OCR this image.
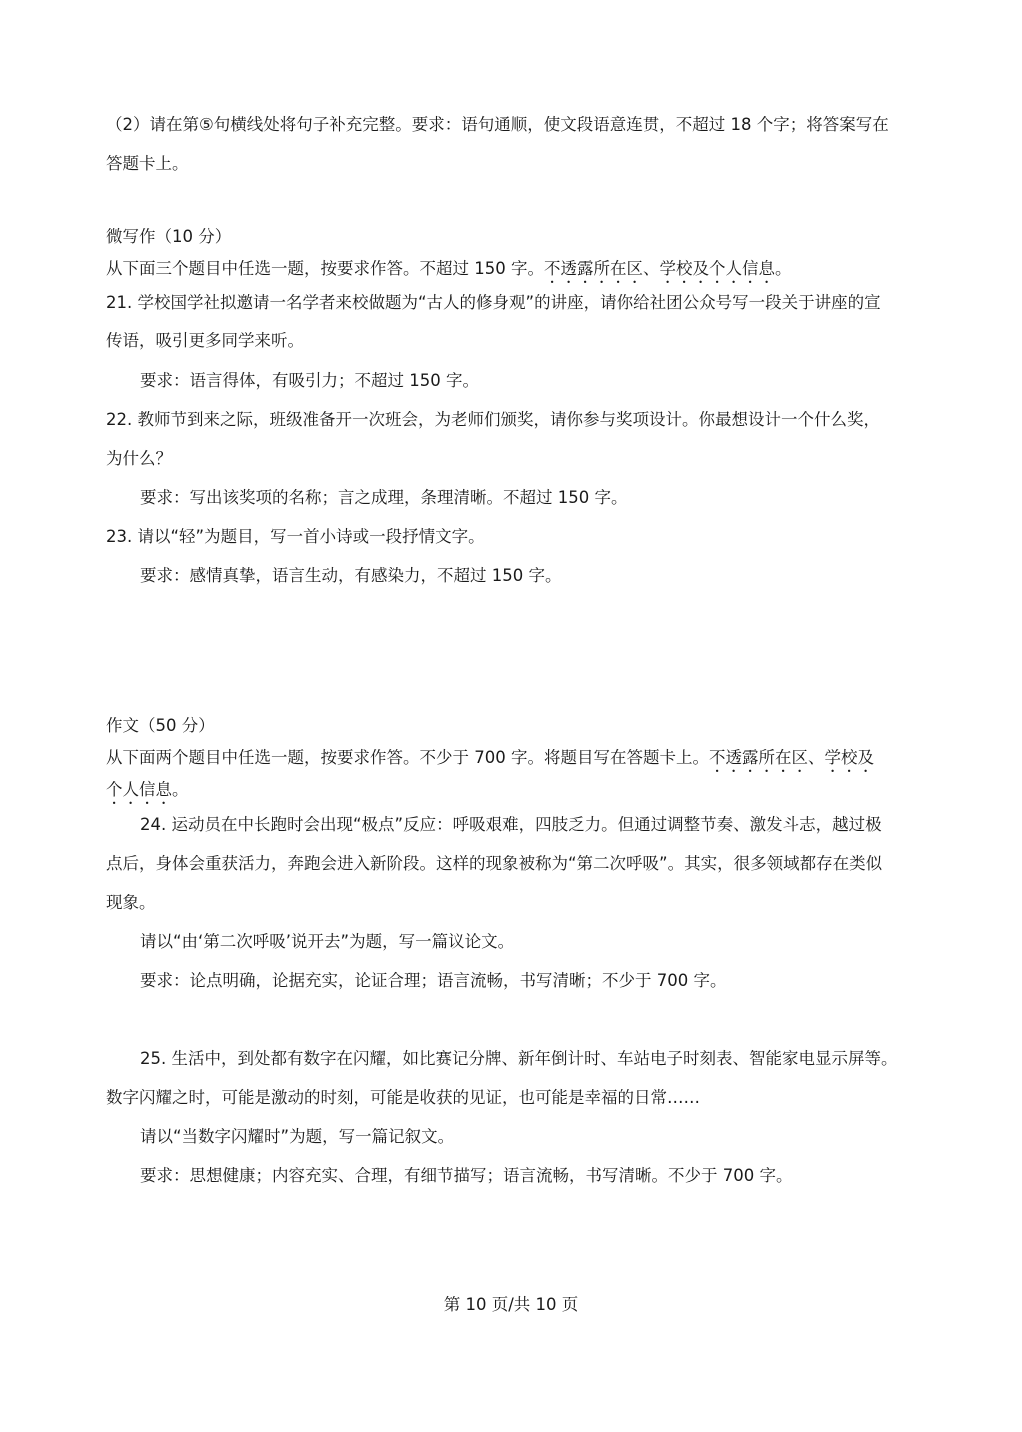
（2）请在第⑤句横线处将句子补充完整。要求：语句通顺，使文段语意连贯，不超过 18 个字；将答案写在
答题卡上。
微写作（10 分）
从下面三个题目中任选一题，按要求作答。不超过 150 字。不透露所在区、学校及个人信息。
21. 学校国学社拟邀请一名学者来校做题为“古人的修身观”的讲座，请你给社团公众号写一段关于讲座的宣
传语，吸引更多同学来听。
要求：语言得体，有吸引力；不超过 150 字。
22. 教师节到来之际，班级准备开一次班会，为老师们颁奖，请你参与奖项设计。你最想设计一个什么奖，
为什么？
要求：写出该奖项的名称；言之成理，条理清晰。不超过 150 字。
23. 请以“轻”为题目，写一首小诗或一段抒情文字。
要求：感情真挚，语言生动，有感染力，不超过 150 字。
作文（50 分）
从下面两个题目中任选一题，按要求作答。不少于 700 字。将题目写在答题卡上。不透露所在区、学校及
个人信息。
24. 运动员在中长跑时会出现“极点”反应：呼吸艰难，四肢乏力。但通过调整节奏、激发斗志，越过极
点后，身体会重获活力，奔跑会进入新阶段。这样的现象被称为“第二次呼吸”。其实，很多领域都存在类似
现象。
请以“由‘第二次呼吸’说开去”为题，写一篇议论文。
要求：论点明确，论据充实，论证合理；语言流畅，书写清晰；不少于 700 字。
25. 生活中，到处都有数字在闪耀，如比赛记分牌、新年倒计时、车站电子时刻表、智能家电显示屏等。
数字闪耀之时，可能是激动的时刻，可能是收获的见证，也可能是幸福的日常……
请以“当数字闪耀时”为题，写一篇记叙文。
要求：思想健康；内容充实、合理，有细节描写；语言流畅，书写清晰。不少于 700 字。
第 10 页/共 10 页
